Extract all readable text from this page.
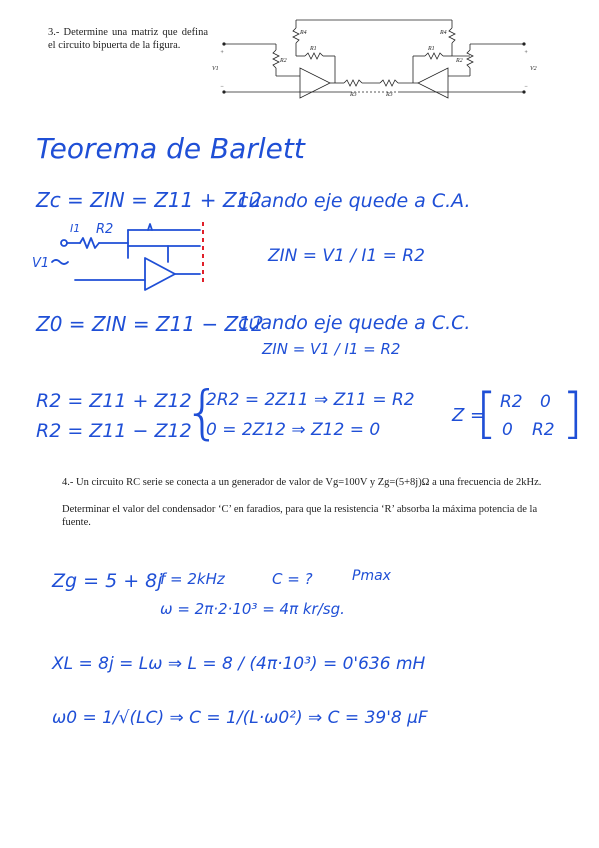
3.- Determine una matriz que defina el circuito bipuerta de la figura.
R4
R1
R2
R1
R4
R2
R3	R3
V1	V2
+
−
+
−
Teorema de Barlett
Zc = ZIN = Z11 + Z12
cuando eje quede a C.A.
I1 R2
V1	ZIN = V1 / I1 = R2
Z0 = ZIN = Z11 − Z12
cuando eje quede a C.C.
ZIN = V1 / I1 = R2
R2 = Z11 + Z12
R2 = Z11 − Z12
{
2R2 = 2Z11 ⇒ Z11 = R2
0 = 2Z12 ⇒ Z12 = 0
Z =
[ R2 0
0 R2 ]
4.- Un circuito RC serie se conecta a un generador de valor de Vg=100V y Zg=(5+8j)Ω a una frecuencia de 2kHz.
Determinar el valor del condensador ‘C’ en faradios, para que la resistencia ‘R’ absorba la máxima potencia de la fuente.
Zg = 5 + 8j
f = 2kHz	C = ?	Pmax
ω = 2π·2·10³ = 4π kr/sg.
XL = 8j = Lω ⇒ L = 8 / (4π·10³) = 0'636 mH
ω0 = 1/√(LC) ⇒ C = 1/(L·ω0²) ⇒ C = 39'8 μF
